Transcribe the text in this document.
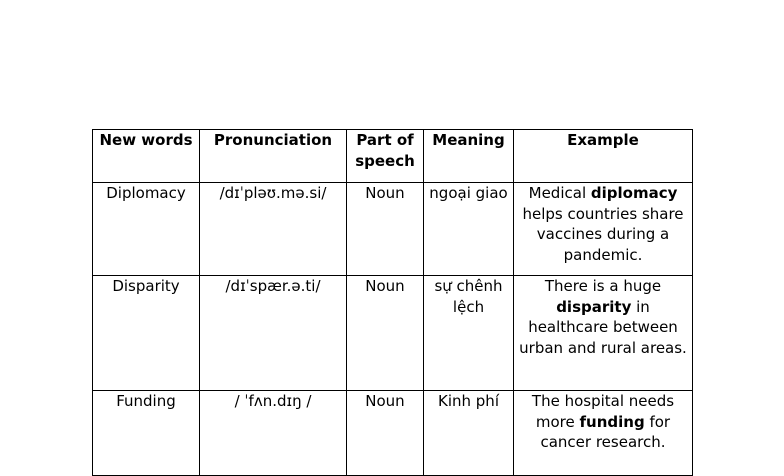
New words	Pronunciation	Part of speech	Meaning	Example
Diplomacy	/dɪˈpləʊ.mə.si/	Noun	ngoại giao	Medical diplomacy helps countries share vaccines during a pandemic.
Disparity	/dɪˈspær.ə.ti/	Noun	sự chênh lệch	There is a huge disparity in healthcare between urban and rural areas.
Funding	/ ˈfʌn.dɪŋ /	Noun	Kinh phí	The hospital needs more funding for cancer research.
